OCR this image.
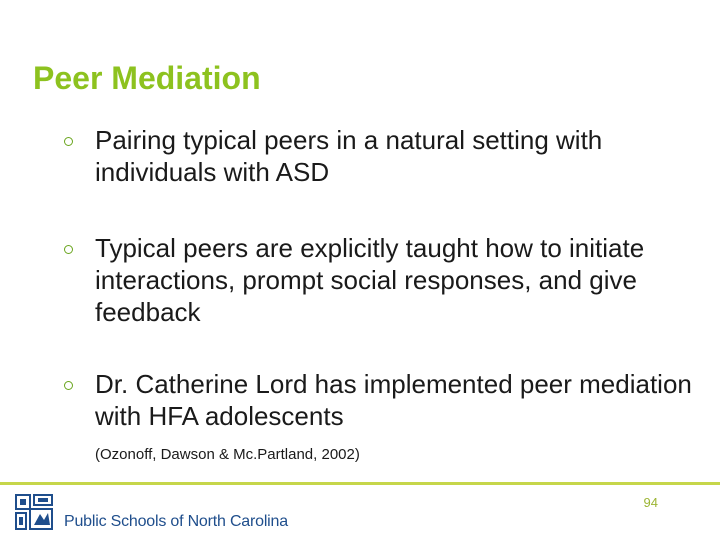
Peer Mediation
Pairing typical peers in a natural setting with individuals with ASD
Typical peers are explicitly taught how to initiate interactions, prompt social responses, and give feedback
Dr. Catherine Lord has implemented peer mediation with HFA adolescents
(Ozonoff, Dawson & Mc.Partland, 2002)
94
Public Schools of North Carolina
